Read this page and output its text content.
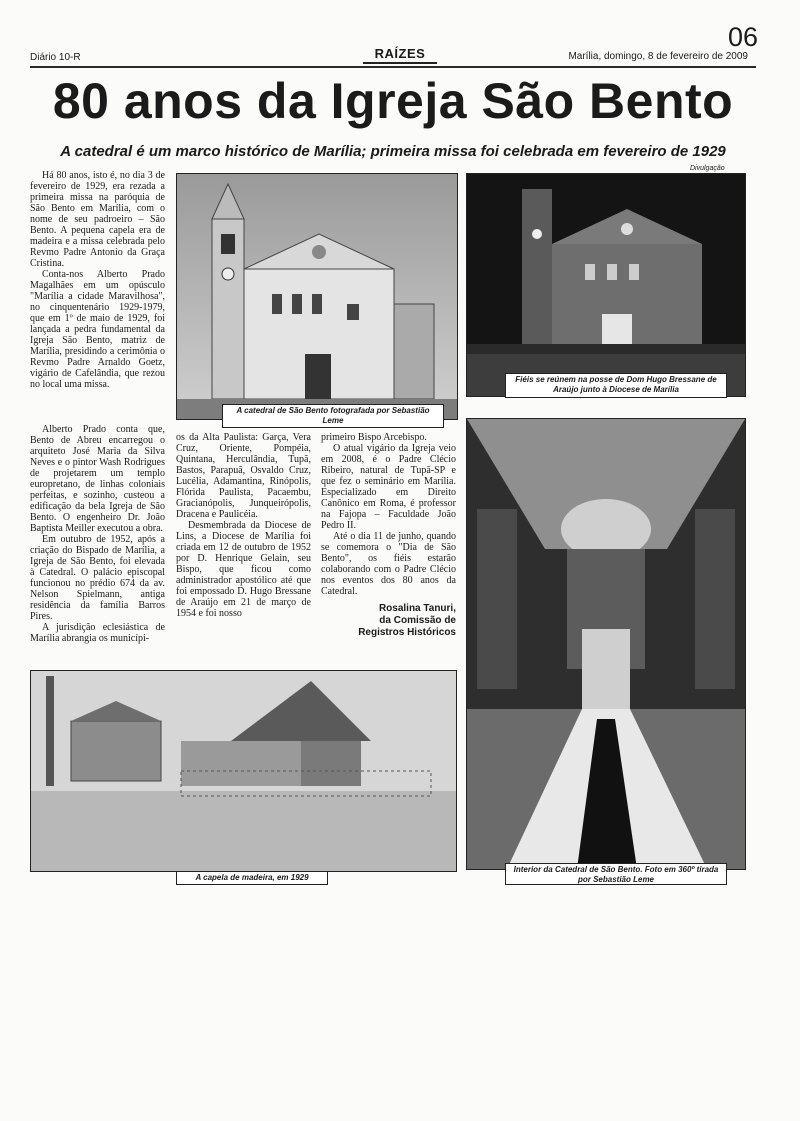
06
Diário 10-R	RAÍZES	Marília, domingo, 8 de fevereiro de 2009
80 anos da Igreja São Bento
A catedral é um marco histórico de Marília; primeira missa foi celebrada em fevereiro de 1929
Divulgação

Há 80 anos, isto é, no dia 3 de fevereiro de 1929, era rezada a primeira missa na paróquia de São Bento em Marília, com o nome de seu padroeiro – São Bento. A pequena capela era de madeira e a missa celebrada pelo Revmo Padre Antonio da Graça Cristina.

Conta-nos Alberto Prado Magalhães em um opúsculo "Marília a cidade Maravilhosa", no cinquentenário 1929-1979, que em 1º de maio de 1929, foi lançada a pedra fundamental da Igreja São Bento, matriz de Marília, presidindo a cerimônia o Revmo Padre Arnaldo Goetz, vigário de Cafelândia, que rezou no local uma missa.

Alberto Prado conta que, Bento de Abreu encarregou o arquiteto José Maria da Silva Neves e o pintor Wash Rodrigues de projetarem um templo europretano, de linhas coloniais perfeitas, e sozinho, custeou a edificação da bela Igreja de São Bento. O engenheiro Dr. João Baptista Meiller executou a obra.

Em outubro de 1952, após a criação do Bispado de Marília, a Igreja de São Bento, foi elevada à Catedral. O palácio episcopal funcionou no prédio 674 da av. Nelson Spielmann, antiga residência da família Barros Pires.

A jurisdição eclesiástica de Marília abrangia os municípi-

os da Alta Paulista: Garça, Vera Cruz, Oriente, Pompéia, Quintana, Herculândia, Tupã, Bastos, Parapuã, Osvaldo Cruz, Lucélia, Adamantina, Rinópolis, Flórida Paulista, Pacaembu, Gracianópolis, Junqueirópolis, Dracena e Paulicéia.

Desmembrada da Diocese de Lins, a Diocese de Marília foi criada em 12 de outubro de 1952 por D. Henrique Gelain, seu Bispo, que ficou como administrador apostólico até que foi empossado D. Hugo Bressane de Araújo em 21 de março de 1954 e foi nosso

primeiro Bispo Arcebispo.

O atual vigário da Igreja veio em 2008, é o Padre Clécio Ribeiro, natural de Tupã-SP e que fez o seminário em Marília. Especializado em Direito Canônico em Roma, é professor na Fajopa – Faculdade João Pedro II.

Até o dia 11 de junho, quando se comemora o "Dia de São Bento", os fiéis estarão colaborando com o Padre Clécio nos eventos dos 80 anos da Catedral.

Rosalina Tanuri,
da Comissão de
Registros Históricos
A catedral de São Bento fotografada por Sebastião Leme
Fiéis se reúnem na posse de Dom Hugo Bressane de Araújo junto à Diocese de Marília
Interior da Catedral de São Bento. Foto em 360º tirada por Sebastião Leme
A capela de madeira, em 1929
